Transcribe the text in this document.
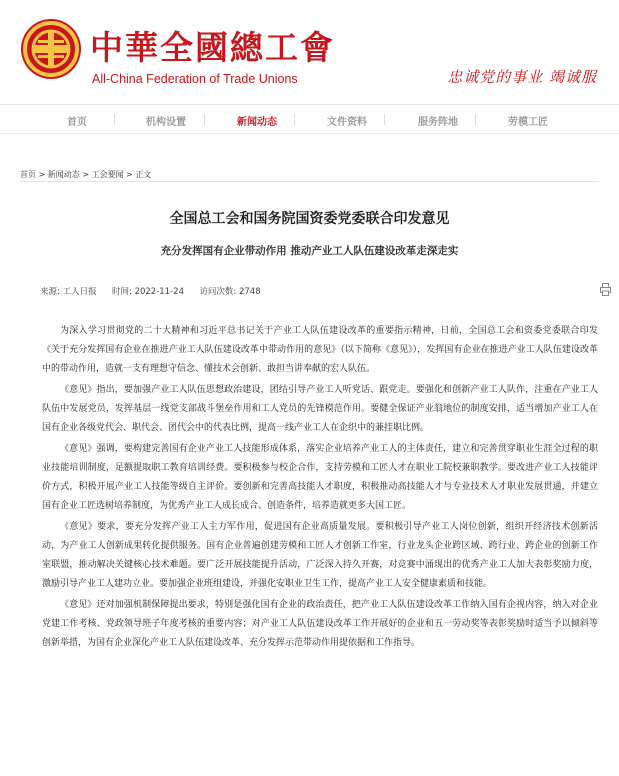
中華全國總工會
All-China Federation of Trade Unions	忠诚党的事业 竭诚服
首页	机构设置	新闻动态	文件资料	服务阵地	劳模工匠
首页 > 新闻动态 > 工会要闻 > 正文
全国总工会和国务院国资委党委联合印发意见
充分发挥国有企业带动作用 推动产业工人队伍建设改革走深走实
来源: 工人日报 时间: 2022-11-24 访问次数: 2748

为深入学习贯彻党的二十大精神和习近平总书记关于产业工人队伍建设改革的重要指示精神，日前，全国总工会和资委党委联合印发《关于充分发挥国有企业在推进产业工人队伍建设改革中带动作用的意见》（以下简称《意见》），发挥国有企业在推进产业工人队伍建设改革中的带动作用，造就一支有理想守信念、懂技术会创新、敢担当讲奉献的宏人队伍。

《意见》指出，要加强产业工人队伍思想政治建设，团结引导产业工人听党话、跟党走。要强化和创新产业工人队作，注重在产业工人队伍中发展党员，发挥基层一线党支部战斗堡垒作用和工人党员的先锋模范作用。要健全保证产业翁地位的制度安排，适当增加产业工人在国有企业各级党代会、职代会、团代会中的代表比例，提高一线产业工人在企织中的兼挂职比例。

《意见》强调，要构建完善国有企业产业工人技能形成体系，落实企业培养产业工人的主体责任，建立和完善贯穿职业生涯全过程的职业技能培训制度，足额提取职工教育培训经费。要积极参与校企合作，支持劳模和工匠人才在职业工院校兼职教学。要改进产业工人技能评价方式，积极开展产业工人技能等级自主评价。要创新和完善高技能人才职度，积极推动高技能人才与专业技术人才职业发展贯通，并建立国有企业工匠选树培养制度，为优秀产业工人成长成合、创造条件，培养造就更多大国工匠。

《意见》要求，要充分发挥产业工人主力军作用，促进国有企业高质量发展。要积极引导产业工人岗位创新，组织开经济技术创新活动，为产业工人创新成果转化提供服务。国有企业普遍创建劳模和工匠人才创新工作室，行业龙头企业跨区域、跨行业、跨企业的创新工作室联盟，推动解决关键核心技术难题。要广泛开展技能提升活动，广泛深入持久开赛，对竞赛中涌现出的优秀产业工人加大表彰奖励力度，激励引导产业工人建功立业。要加强企业班组建设，并强化安职业卫生工作，提高产业工人安全健康素质和技能。

《意见》还对加强机制保障提出要求，特别是强化国有企业的政治责任，把产业工人队伍建设改革工作纳入国有企视内容，纳入对企业党建工作考核、党政领导班子年度考核的重要内容；对产业工人队伍建设改革工作开展好的企业和五一劳动奖等表彰奖励时适当予以倾斜等创新举措，为国有企业深化产业工人队伍建设改革、充分发挥示范带动作用提依据和工作指导。
